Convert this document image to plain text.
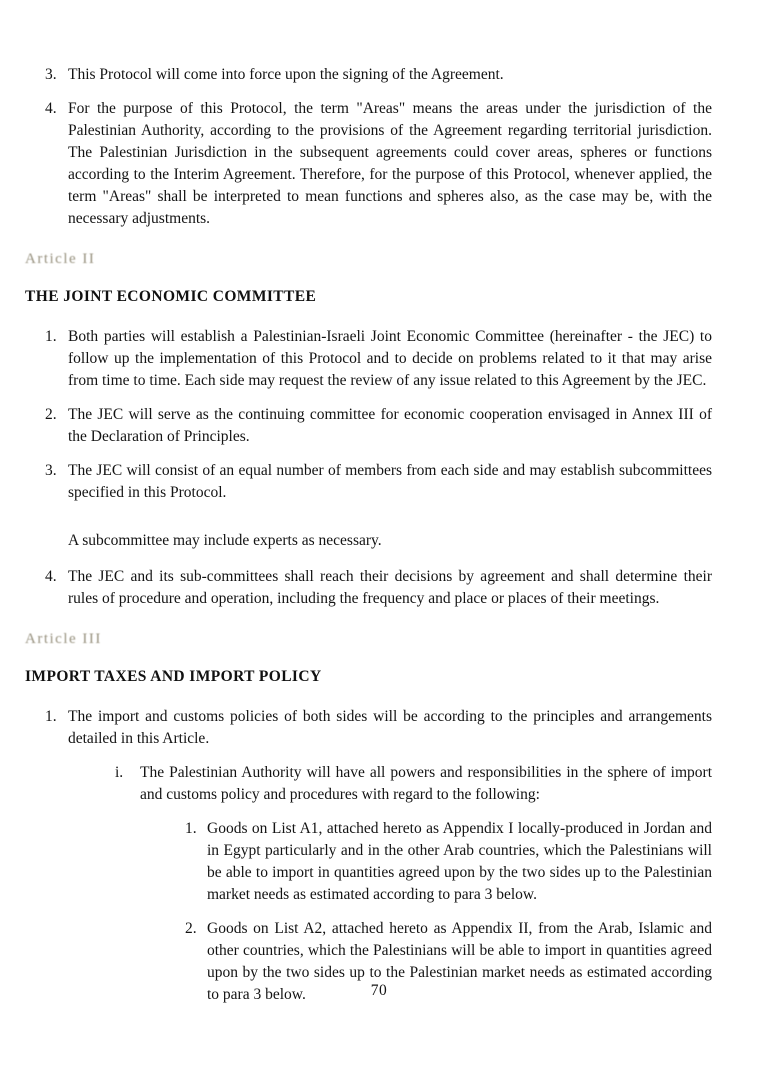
3. This Protocol will come into force upon the signing of the Agreement.
4. For the purpose of this Protocol, the term "Areas" means the areas under the jurisdiction of the Palestinian Authority, according to the provisions of the Agreement regarding territorial jurisdiction. The Palestinian Jurisdiction in the subsequent agreements could cover areas, spheres or functions according to the Interim Agreement. Therefore, for the purpose of this Protocol, whenever applied, the term "Areas" shall be interpreted to mean functions and spheres also, as the case may be, with the necessary adjustments.
Article II
THE JOINT ECONOMIC COMMITTEE
1. Both parties will establish a Palestinian-Israeli Joint Economic Committee (hereinafter - the JEC) to follow up the implementation of this Protocol and to decide on problems related to it that may arise from time to time. Each side may request the review of any issue related to this Agreement by the JEC.
2. The JEC will serve as the continuing committee for economic cooperation envisaged in Annex III of the Declaration of Principles.
3. The JEC will consist of an equal number of members from each side and may establish subcommittees specified in this Protocol.
A subcommittee may include experts as necessary.
4. The JEC and its sub-committees shall reach their decisions by agreement and shall determine their rules of procedure and operation, including the frequency and place or places of their meetings.
Article III
IMPORT TAXES AND IMPORT POLICY
1. The import and customs policies of both sides will be according to the principles and arrangements detailed in this Article.
i.	The Palestinian Authority will have all powers and responsibilities in the sphere of import and customs policy and procedures with regard to the following:
1. Goods on List A1, attached hereto as Appendix I locally-produced in Jordan and in Egypt particularly and in the other Arab countries, which the Palestinians will be able to import in quantities agreed upon by the two sides up to the Palestinian market needs as estimated according to para 3 below.
2. Goods on List A2, attached hereto as Appendix II, from the Arab, Islamic and other countries, which the Palestinians will be able to import in quantities agreed upon by the two sides up to the Palestinian market needs as estimated according to para 3 below.	70
